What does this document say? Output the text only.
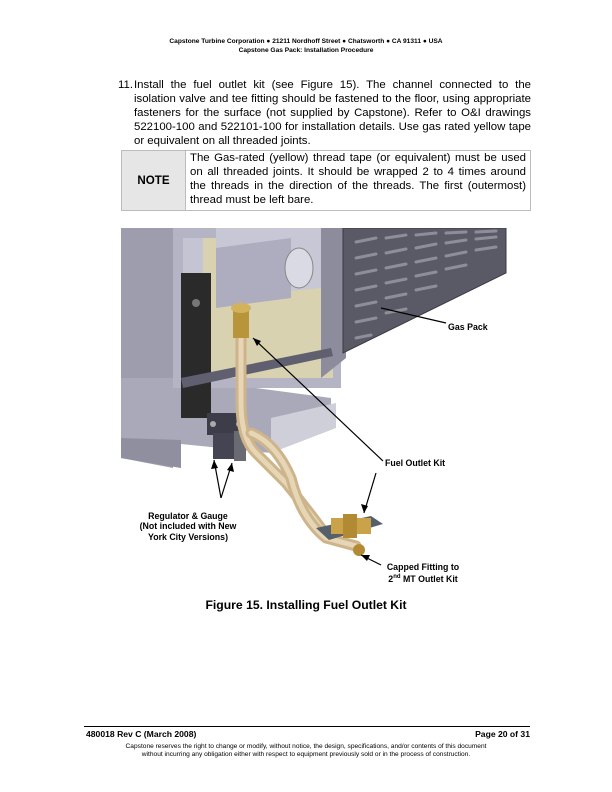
Capstone Turbine Corporation ● 21211 Nordhoff Street ● Chatsworth ● CA 91311 ● USA
Capstone Gas Pack: Installation Procedure
11. Install the fuel outlet kit (see Figure 15). The channel connected to the isolation valve and tee fitting should be fastened to the floor, using appropriate fasteners for the surface (not supplied by Capstone). Refer to O&I drawings 522100-100 and 522101-100 for installation details. Use gas rated yellow tape or equivalent on all threaded joints.
NOTE	The Gas-rated (yellow) thread tape (or equivalent) must be used on all threaded joints. It should be wrapped 2 to 4 times around the threads in the direction of the threads. The first (outermost) thread must be left bare.
Gas Pack
Fuel Outlet Kit
Regulator & Gauge
(Not included with New
York City Versions)
Capped Fitting to
2nd MT Outlet Kit
Figure 15. Installing Fuel Outlet Kit
480018 Rev C (March 2008)	Page 20 of 31
Capstone reserves the right to change or modify, without notice, the design, specifications, and/or contents of this document
without incurring any obligation either with respect to equipment previously sold or in the process of construction.
